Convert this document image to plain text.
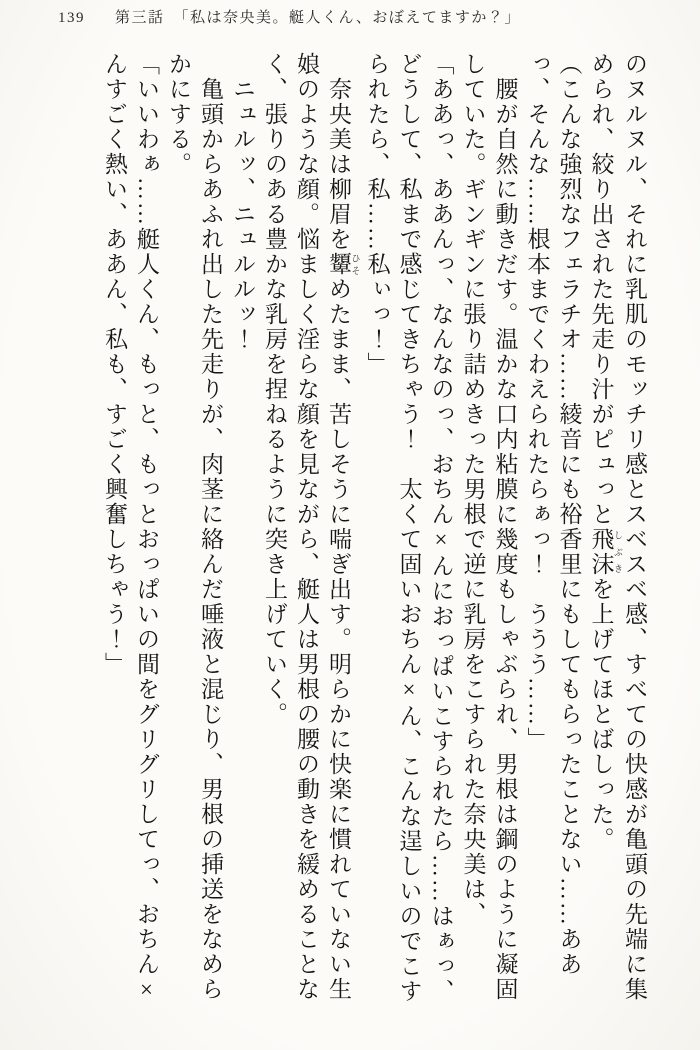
139 第三話　「私は奈央美。艇人くん、おぼえてますか？」

のヌルヌル、それに乳肌のモッチリ感とスベスベ感、すべての快感が亀頭の先端に集められ、絞り出された先走り汁がピュっと飛沫 しぶきを上げてほとばしった。

（こんな強烈なフェラチオ……綾音にも裕香里にもしてもらったことない……ああっ、そんな……根本までくわえられたらぁっ！　ううう……」

　腰が自然に動きだす。温かな口内粘膜に幾度もしゃぶられ、男根は鋼のように凝固していた。ギンギンに張り詰めきった男根で逆に乳房をこすられた奈央美は、

「ああっ、ああんっ、なんなのっ、おちん×んにおっぱいこすられたら……はぁっ、どうして、私まで感じてきちゃう！　太くて固いおちん×ん、こんな逞しいのでこすられたら、私……私ぃっ！」

　奈央美は柳眉を顰 ひそめたまま、苦しそうに喘ぎ出す。明らかに快楽に慣れていない生娘のような顔。悩ましく淫らな顔を見ながら、艇人は男根の腰の動きを緩めることなく、張りのある豊かな乳房を捏ねるように突き上げていく。

　ニュルッ、ニュルルッ！

　亀頭からあふれ出した先走りが、肉茎に絡んだ唾液と混じり、男根の挿送をなめらかにする。

「いいわぁ……艇人くん、もっと、もっとおっぱいの間をグリグリしてっ、おちん×んすごく熱い、ああん、私も、すごく興奮しちゃう！」
